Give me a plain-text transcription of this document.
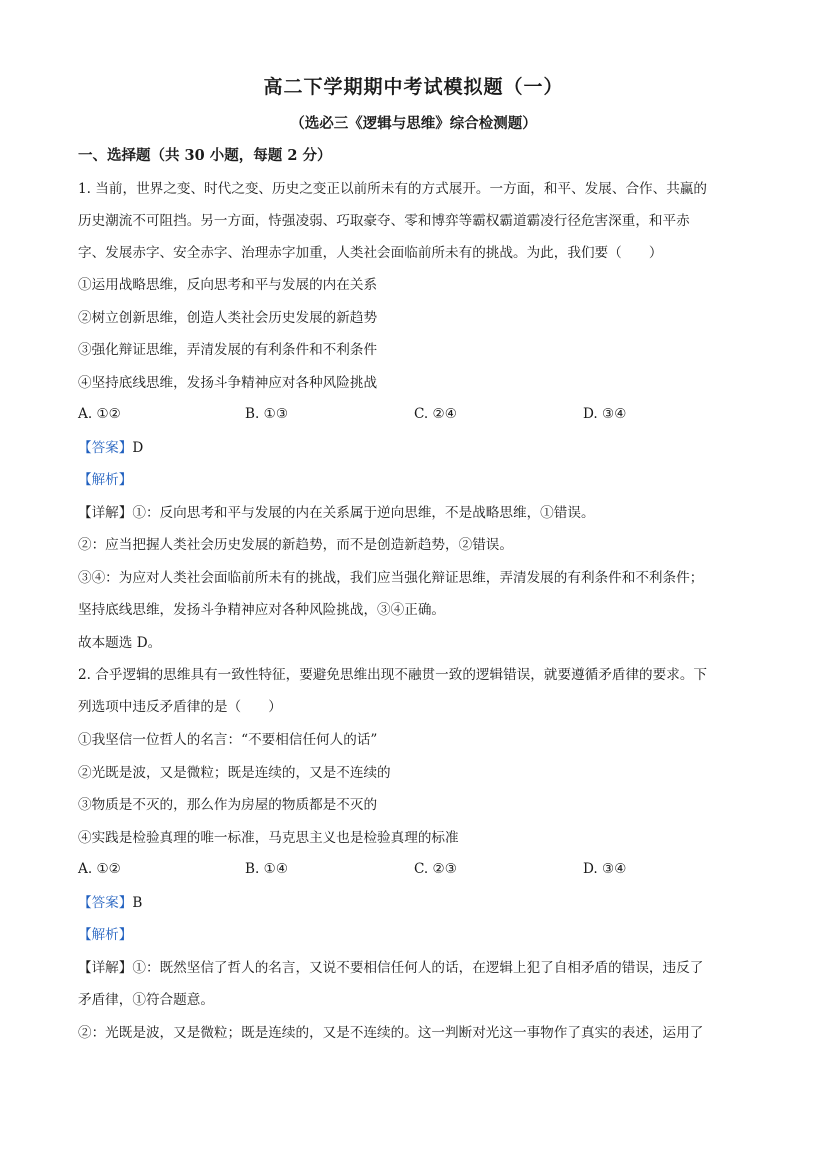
高二下学期期中考试模拟题（一）
（选必三《逻辑与思维》综合检测题）
一、选择题（共 30 小题，每题 2 分）
1. 当前，世界之变、时代之变、历史之变正以前所未有的方式展开。一方面，和平、发展、合作、共赢的
历史潮流不可阻挡。另一方面，恃强凌弱、巧取豪夺、零和博弈等霸权霸道霸凌行径危害深重，和平赤
字、发展赤字、安全赤字、治理赤字加重，人类社会面临前所未有的挑战。为此，我们要（　　）
①运用战略思维，反向思考和平与发展的内在关系
②树立创新思维，创造人类社会历史发展的新趋势
③强化辩证思维，弄清发展的有利条件和不利条件
④坚持底线思维，发扬斗争精神应对各种风险挑战
A. ①②	B. ①③	C. ②④	D. ③④
【答案】D
【解析】
【详解】①：反向思考和平与发展的内在关系属于逆向思维，不是战略思维，①错误。
②：应当把握人类社会历史发展的新趋势，而不是创造新趋势，②错误。
③④：为应对人类社会面临前所未有的挑战，我们应当强化辩证思维，弄清发展的有利条件和不利条件；
坚持底线思维，发扬斗争精神应对各种风险挑战，③④正确。
故本题选 D。
2. 合乎逻辑的思维具有一致性特征，要避免思维出现不融贯一致的逻辑错误，就要遵循矛盾律的要求。下
列选项中违反矛盾律的是（　　）
①我坚信一位哲人的名言：“不要相信任何人的话”
②光既是波，又是微粒；既是连续的，又是不连续的
③物质是不灭的，那么作为房屋的物质都是不灭的
④实践是检验真理的唯一标准，马克思主义也是检验真理的标准
A. ①②	B. ①④	C. ②③	D. ③④
【答案】B
【解析】
【详解】①：既然坚信了哲人的名言，又说不要相信任何人的话，在逻辑上犯了自相矛盾的错误，违反了
矛盾律，①符合题意。
②：光既是波，又是微粒；既是连续的，又是不连续的。这一判断对光这一事物作了真实的表述，运用了
